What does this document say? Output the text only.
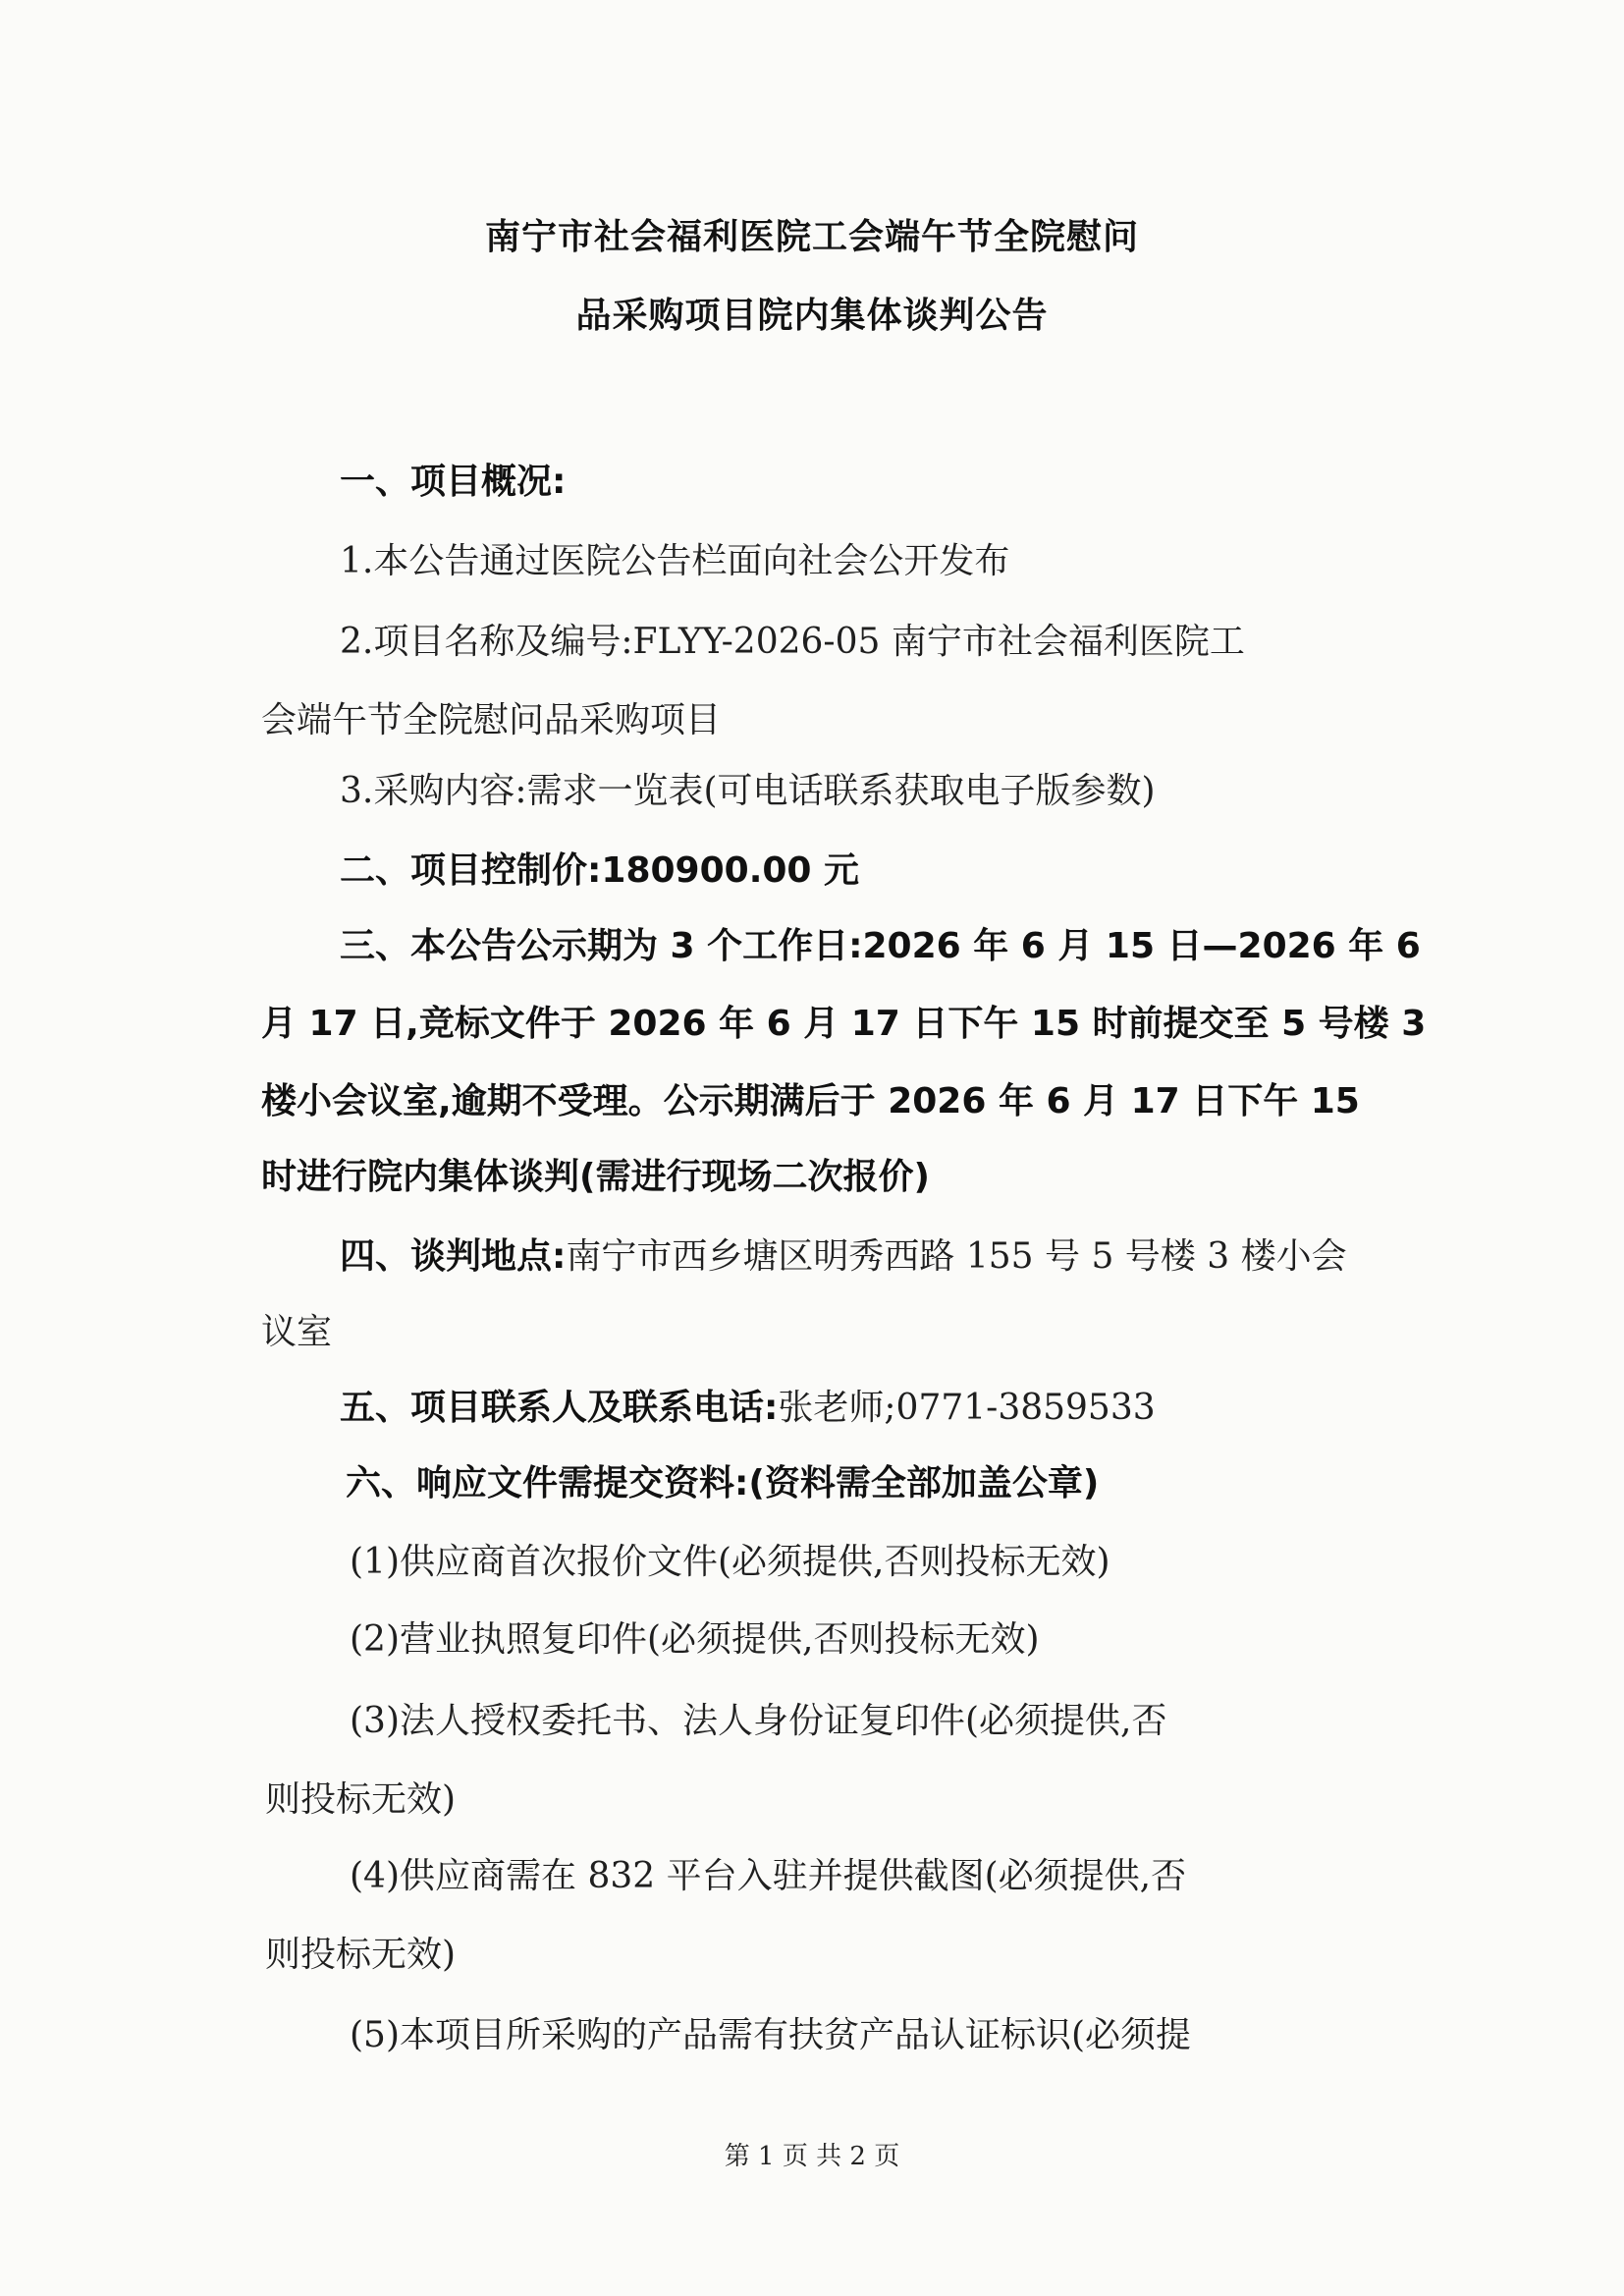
南宁市社会福利医院工会端午节全院慰问
品采购项目院内集体谈判公告
一、项目概况:
1.本公告通过医院公告栏面向社会公开发布
2.项目名称及编号:FLYY-2026-05 南宁市社会福利医院工
会端午节全院慰问品采购项目
3.采购内容:需求一览表(可电话联系获取电子版参数)
二、项目控制价:180900.00 元
三、本公告公示期为 3 个工作日:2026 年 6 月 15 日—2026 年 6
月 17 日,竞标文件于 2026 年 6 月 17 日下午 15 时前提交至 5 号楼 3
楼小会议室,逾期不受理。公示期满后于 2026 年 6 月 17 日下午 15
时进行院内集体谈判(需进行现场二次报价)
四、谈判地点:南宁市西乡塘区明秀西路 155 号 5 号楼 3 楼小会
议室
五、项目联系人及联系电话:张老师;0771-3859533
六、响应文件需提交资料:(资料需全部加盖公章)
(1)供应商首次报价文件(必须提供,否则投标无效)
(2)营业执照复印件(必须提供,否则投标无效)
(3)法人授权委托书、法人身份证复印件(必须提供,否
则投标无效)
(4)供应商需在 832 平台入驻并提供截图(必须提供,否
则投标无效)
(5)本项目所采购的产品需有扶贫产品认证标识(必须提
第 1 页 共 2 页
